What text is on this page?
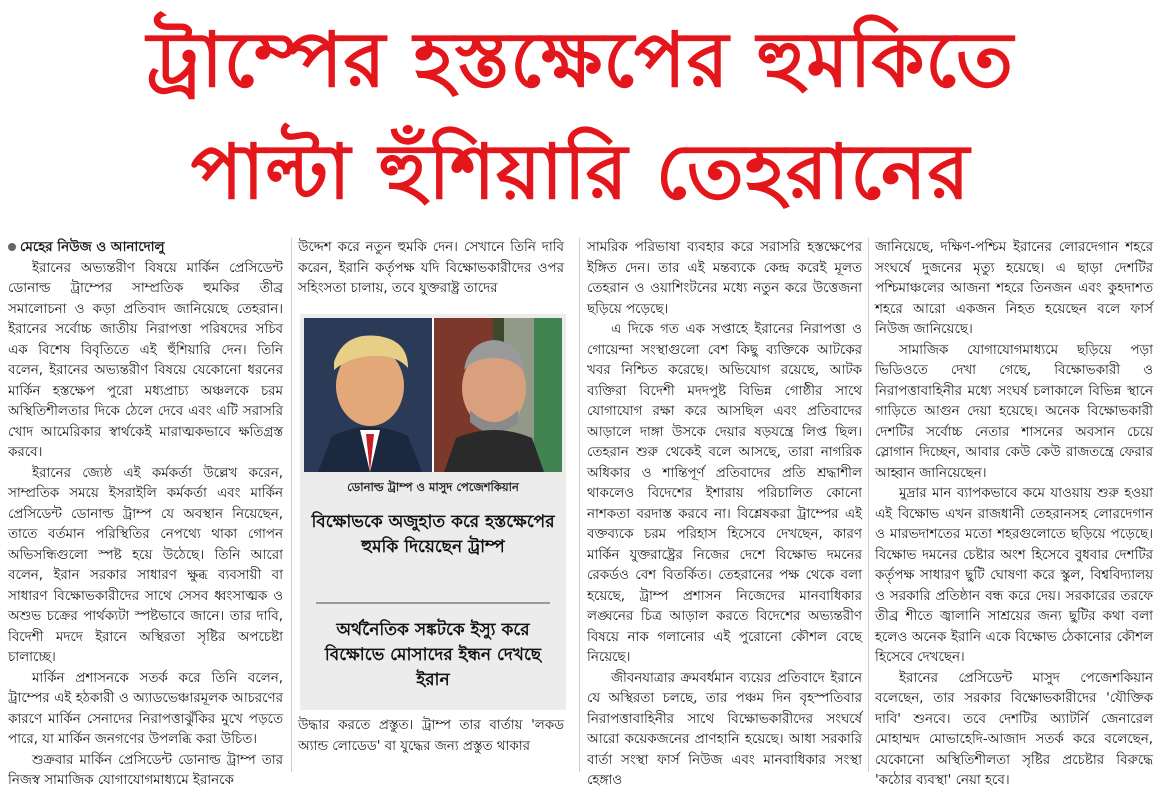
ট্রাম্পের হস্তক্ষেপের হুমকিতে
পাল্টা হুঁশিয়ারি তেহরানের

মেহের নিউজ ও আনাদোলু

ইরানের অভ্যন্তরীণ বিষয়ে মার্কিন প্রেসিডেন্ট ডোনাল্ড ট্রাম্পের সাম্প্রতিক হুমকির তীব্র সমালোচনা ও কড়া প্রতিবাদ জানিয়েছে তেহরান। ইরানের সর্বোচ্চ জাতীয় নিরাপত্তা পরিষদের সচিব এক বিশেষ বিবৃতিতে এই হুঁশিয়ারি দেন। তিনি বলেন, ইরানের অভ্যন্তরীণ বিষয়ে যেকোনো ধরনের মার্কিন হস্তক্ষেপ পুরো মধ্যপ্রাচ্য অঞ্চলকে চরম অস্থিতিশীলতার দিকে ঠেলে দেবে এবং এটি সরাসরি খোদ আমেরিকার স্বার্থকেই মারাত্মকভাবে ক্ষতিগ্রস্ত করবে।

ইরানের জ্যেষ্ঠ এই কর্মকর্তা উল্লেখ করেন, সাম্প্রতিক সময়ে ইসরাইলি কর্মকর্তা এবং মার্কিন প্রেসিডেন্ট ডোনাল্ড ট্রাম্প যে অবস্থান নিয়েছেন, তাতে বর্তমান পরিস্থিতির নেপথ্যে থাকা গোপন অভিসন্ধিগুলো স্পষ্ট হয়ে উঠেছে। তিনি আরো বলেন, ইরান সরকার সাধারণ ক্ষুব্ধ ব্যবসায়ী বা সাধারণ বিক্ষোভকারীদের সাথে সেসব ধ্বংসাত্মক ও অশুভ চক্রের পার্থক্যটা স্পষ্টভাবে জানে। তার দাবি, বিদেশী মদদে ইরানে অস্থিরতা সৃষ্টির অপচেষ্টা চালাচ্ছে।

মার্কিন প্রশাসনকে সতর্ক করে তিনি বলেন, ট্রাম্পের এই হঠকারী ও অ্যাডভেঞ্চারমূলক আচরণের কারণে মার্কিন সেনাদের নিরাপত্তাঝুঁকির মুখে পড়তে পারে, যা মার্কিন জনগণের উপলব্ধি করা উচিত।

শুক্রবার মার্কিন প্রেসিডেন্ট ডোনাল্ড ট্রাম্প তার নিজস্ব সামাজিক যোগাযোগমাধ্যমে ইরানকে

উদ্দেশ করে নতুন হুমকি দেন। সেখানে তিনি দাবি করেন, ইরানি কর্তৃপক্ষ যদি বিক্ষোভকারীদের ওপর সহিংসতা চালায়, তবে যুক্তরাষ্ট্র তাদের

ডোনাল্ড ট্রাম্প ও মাসুদ পেজেশকিয়ান
বিক্ষোভকে অজুহাত করে হস্তক্ষেপের হুমকি দিয়েছেন ট্রাম্প
অর্থনৈতিক সঙ্কটকে ইস্যু করে বিক্ষোভে মোসাদের ইন্ধন দেখছে ইরান

উদ্ধার করতে প্রস্তুত। ট্রাম্প তার বার্তায় 'লকড অ্যান্ড লোডেড' বা যুদ্ধের জন্য প্রস্তুত থাকার

সামরিক পরিভাষা ব্যবহার করে সরাসরি হস্তক্ষেপের ইঙ্গিত দেন। তার এই মন্তব্যকে কেন্দ্র করেই মূলত তেহরান ও ওয়াশিংটনের মধ্যে নতুন করে উত্তেজনা ছড়িয়ে পড়েছে।

এ দিকে গত এক সপ্তাহে ইরানের নিরাপত্তা ও গোয়েন্দা সংস্থাগুলো বেশ কিছু ব্যক্তিকে আটকের খবর নিশ্চিত করেছে। অভিযোগ রয়েছে, আটক ব্যক্তিরা বিদেশী মদদপুষ্ট বিভিন্ন গোষ্ঠীর সাথে যোগাযোগ রক্ষা করে আসছিল এবং প্রতিবাদের আড়ালে দাঙ্গা উসকে দেয়ার ষড়যন্ত্রে লিপ্ত ছিল। তেহরান শুরু থেকেই বলে আসছে, তারা নাগরিক অধিকার ও শান্তিপূর্ণ প্রতিবাদের প্রতি শ্রদ্ধাশীল থাকলেও বিদেশের ইশারায় পরিচালিত কোনো নাশকতা বরদাস্ত করবে না। বিশ্লেষকরা ট্রাম্পের এই বক্তব্যকে চরম পরিহাস হিসেবে দেখছেন, কারণ মার্কিন যুক্তরাষ্ট্রের নিজের দেশে বিক্ষোভ দমনের রেকর্ডও বেশ বিতর্কিত। তেহরানের পক্ষ থেকে বলা হয়েছে, ট্রাম্প প্রশাসন নিজেদের মানবাধিকার লঙ্ঘনের চিত্র আড়াল করতে বিদেশের অভ্যন্তরীণ বিষয়ে নাক গলানোর এই পুরোনো কৌশল বেছে নিয়েছে।

জীবনযাত্রার ক্রমবর্ধমান ব্যয়ের প্রতিবাদে ইরানে যে অস্থিরতা চলছে, তার পঞ্চম দিন বৃহস্পতিবার নিরাপত্তাবাহিনীর সাথে বিক্ষোভকারীদের সংঘর্ষে আরো কয়েকজনের প্রাণহানি হয়েছে। আধা সরকারি বার্তা সংস্থা ফার্স নিউজ এবং মানবাধিকার সংস্থা হেঙ্গাও

জানিয়েছে, দক্ষিণ-পশ্চিম ইরানের লোরদেগান শহরে সংঘর্ষে দুজনের মৃত্যু হয়েছে। এ ছাড়া দেশটির পশ্চিমাঞ্চলের আজনা শহরে তিনজন এবং কুহদাশত শহরে আরো একজন নিহত হয়েছেন বলে ফার্স নিউজ জানিয়েছে।

সামাজিক যোগাযোগমাধ্যমে ছড়িয়ে পড়া ভিডিওতে দেখা গেছে, বিক্ষোভকারী ও নিরাপত্তাবাহিনীর মধ্যে সংঘর্ষ চলাকালে বিভিন্ন স্থানে গাড়িতে আগুন দেয়া হয়েছে। অনেক বিক্ষোভকারী দেশটির সর্বোচ্চ নেতার শাসনের অবসান চেয়ে স্লোগান দিচ্ছেন, আবার কেউ কেউ রাজতন্ত্রে ফেরার আহ্বান জানিয়েছেন।

মুদ্রার মান ব্যাপকভাবে কমে যাওয়ায় শুরু হওয়া এই বিক্ষোভ এখন রাজধানী তেহরানসহ লোরদেগান ও মারভদাশতের মতো শহরগুলোতে ছড়িয়ে পড়েছে। বিক্ষোভ দমনের চেষ্টার অংশ হিসেবে বুধবার দেশটির কর্তৃপক্ষ সাধারণ ছুটি ঘোষণা করে স্কুল, বিশ্ববিদ্যালয় ও সরকারি প্রতিষ্ঠান বন্ধ করে দেয়। সরকারের তরফে তীব্র শীতে জ্বালানি সাশ্রয়ের জন্য ছুটির কথা বলা হলেও অনেক ইরানি একে বিক্ষোভ ঠেকানোর কৌশল হিসেবে দেখছেন।

ইরানের প্রেসিডেন্ট মাসুদ পেজেশকিয়ান বলেছেন, তার সরকার বিক্ষোভকারীদের 'যৌক্তিক দাবি' শুনবে। তবে দেশটির অ্যাটর্নি জেনারেল মোহাম্মদ মোভাহেদি-আজাদ সতর্ক করে বলেছেন, যেকোনো অস্থিতিশীলতা সৃষ্টির প্রচেষ্টার বিরুদ্ধে 'কঠোর ব্যবস্থা' নেয়া হবে।
